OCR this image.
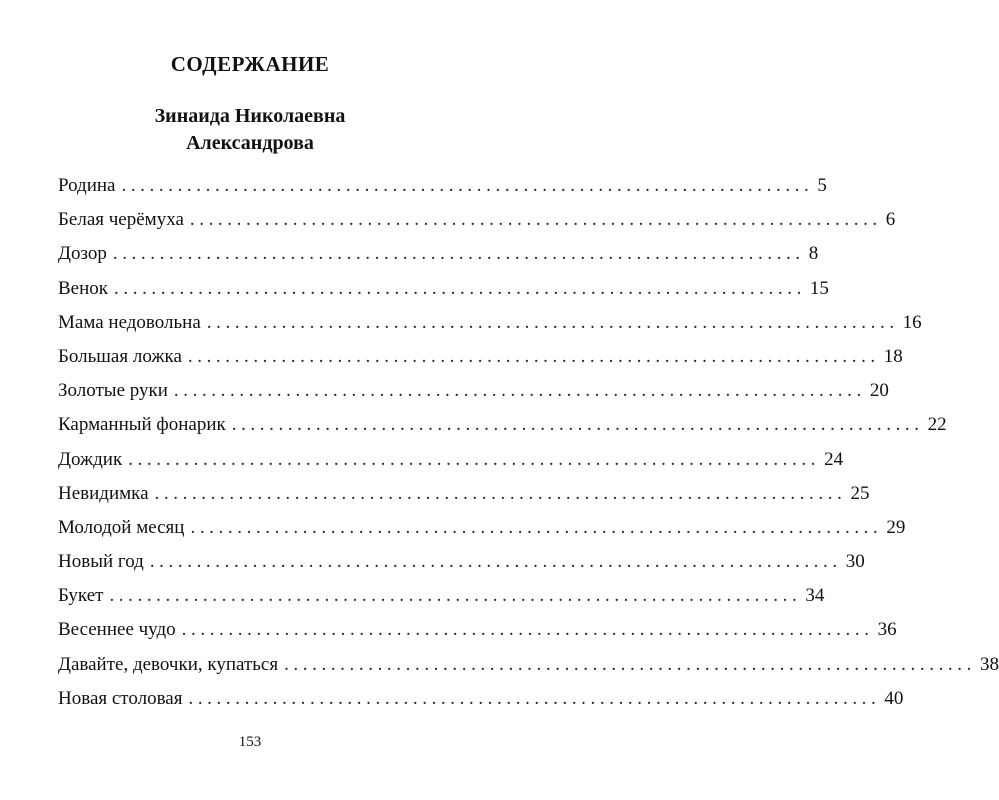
СОДЕРЖАНИЕ
Зинаида Николаевна
Александрова
Родина .......................................................................... 5
Белая черёмуха .......................................................................... 6
Дозор .......................................................................... 8
Венок .......................................................................... 15
Мама недовольна .......................................................................... 16
Большая ложка .......................................................................... 18
Золотые руки .......................................................................... 20
Карманный фонарик .......................................................................... 22
Дождик .......................................................................... 24
Невидимка .......................................................................... 25
Молодой месяц .......................................................................... 29
Новый год .......................................................................... 30
Букет .......................................................................... 34
Весеннее чудо .......................................................................... 36
Давайте, девочки, купаться .......................................................................... 38
Новая столовая .......................................................................... 40
153
